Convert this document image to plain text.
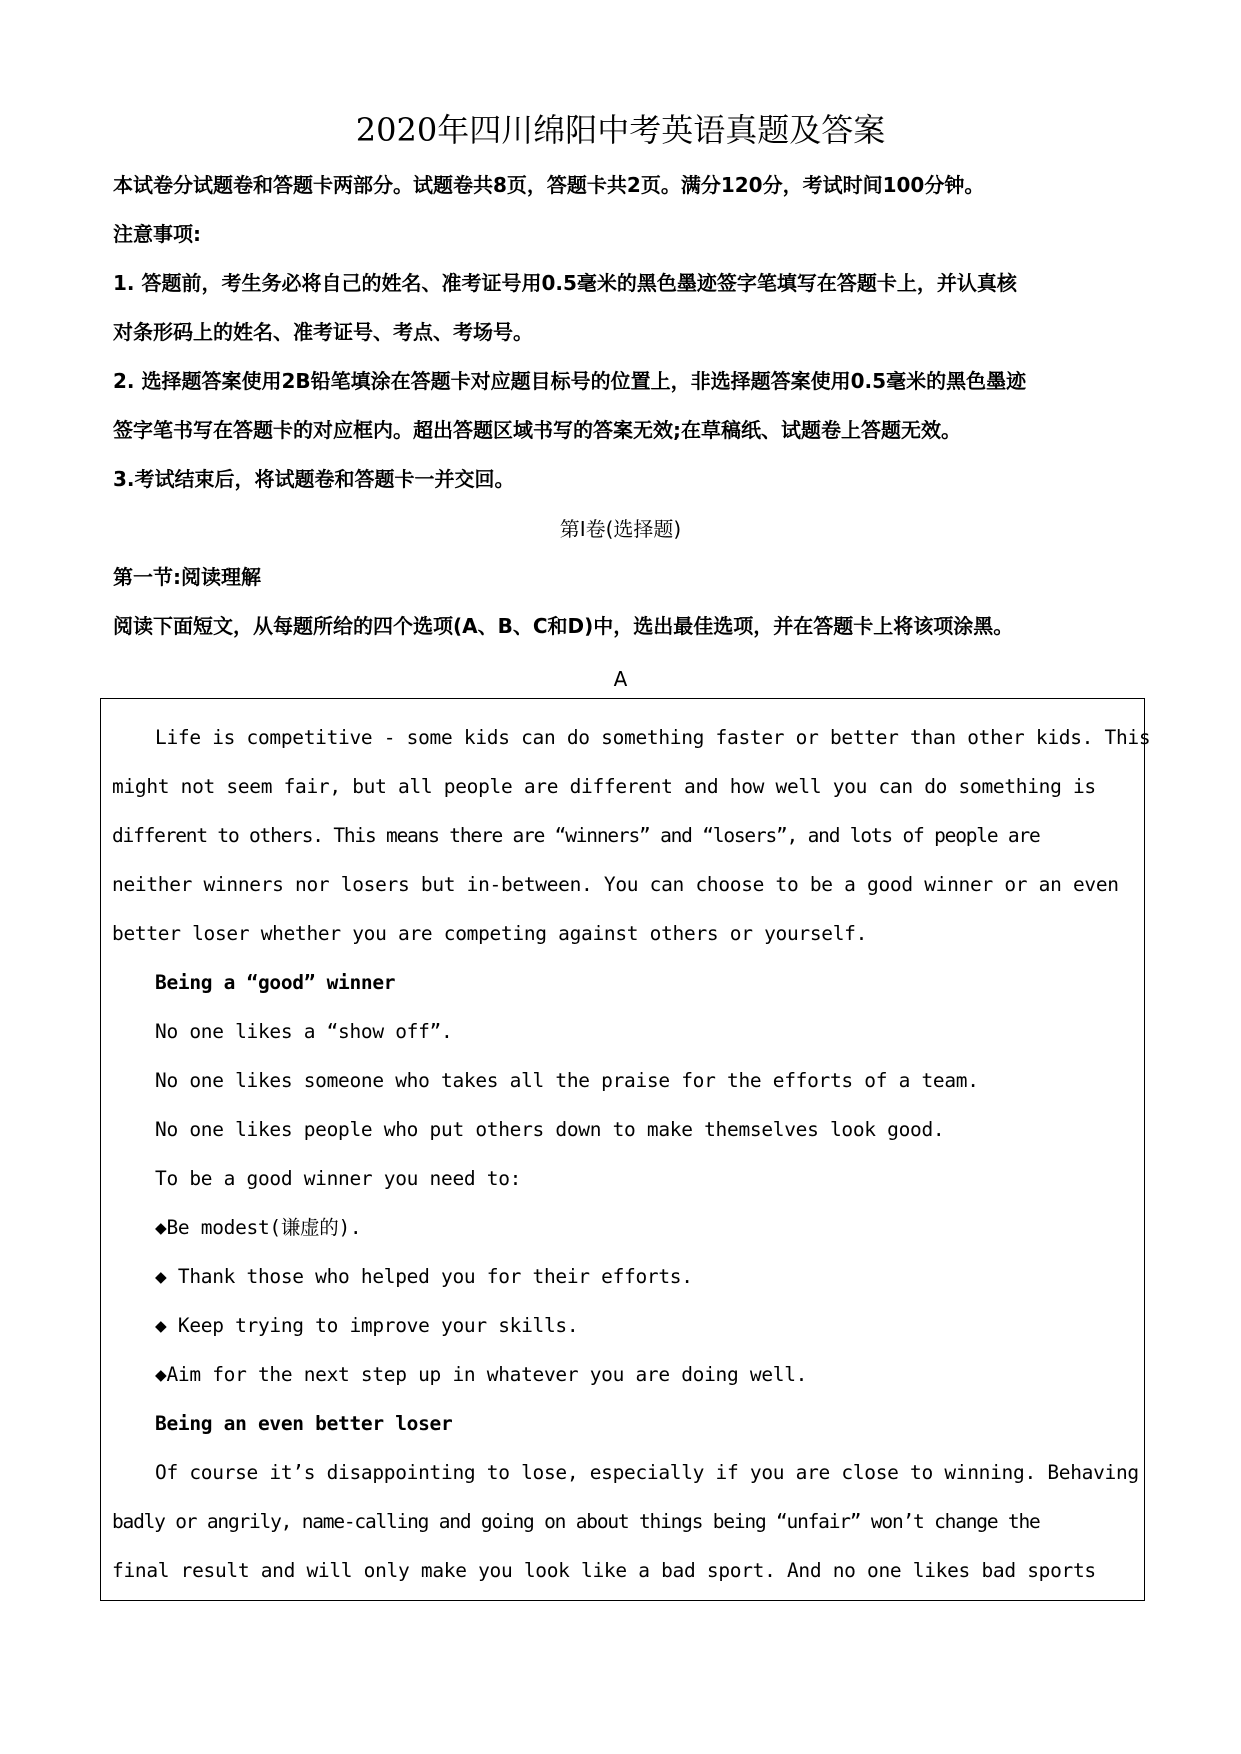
2020年四川绵阳中考英语真题及答案
本试卷分试题卷和答题卡两部分。试题卷共8页，答题卡共2页。满分120分，考试时间100分钟。
注意事项:
1. 答题前，考生务必将自己的姓名、准考证号用0.5毫米的黑色墨迹签字笔填写在答题卡上，并认真核
对条形码上的姓名、准考证号、考点、考场号。
2. 选择题答案使用2B铅笔填涂在答题卡对应题目标号的位置上，非选择题答案使用0.5毫米的黑色墨迹
签字笔书写在答题卡的对应框内。超出答题区域书写的答案无效;在草稿纸、试题卷上答题无效。
3.考试结束后，将试题卷和答题卡一并交回。
第Ⅰ卷(选择题)
第一节:阅读理解
阅读下面短文，从每题所给的四个选项(A、B、C和D)中，选出最佳选项，并在答题卡上将该项涂黑。
A
Life is competitive - some kids can do something faster or better than other kids. This
might not seem fair, but all people are different and how well you can do something is
different to others. This means there are “winners” and “losers”, and lots of people are
neither winners nor losers but in-between. You can choose to be a good winner or an even
better loser whether you are competing against others or yourself.
Being a “good” winner
No one likes a “show off”.
No one likes someone who takes all the praise for the efforts of a team.
No one likes people who put others down to make themselves look good.
To be a good winner you need to:
◆Be modest(谦虚的).
◆ Thank those who helped you for their efforts.
◆ Keep trying to improve your skills.
◆Aim for the next step up in whatever you are doing well.
Being an even better loser
Of course it’s disappointing to lose, especially if you are close to winning. Behaving
badly or angrily, name-calling and going on about things being “unfair” won’t change the
final result and will only make you look like a bad sport. And no one likes bad sports
